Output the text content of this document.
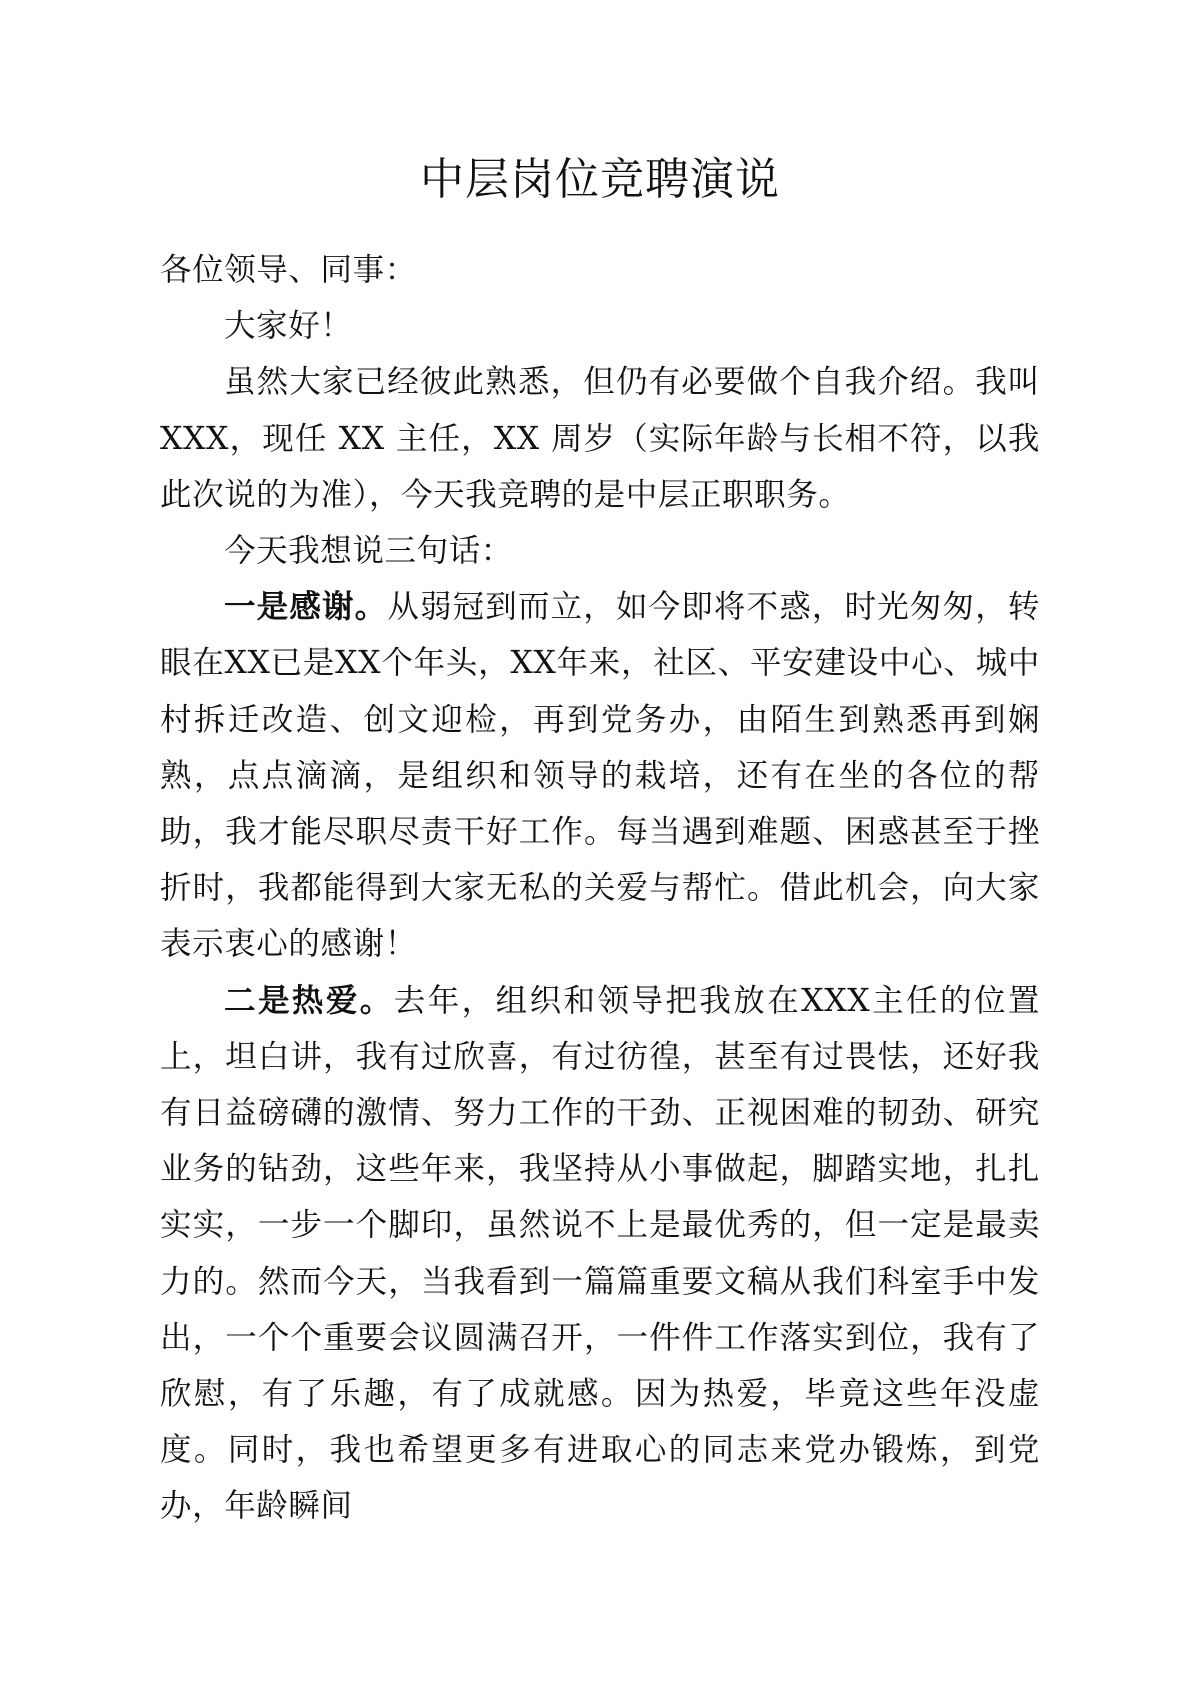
中层岗位竞聘演说

各位领导、同事：

大家好！

虽然大家已经彼此熟悉，但仍有必要做个自我介绍。我叫XXX，现任 XX 主任，XX 周岁（实际年龄与长相不符，以我此次说的为准），今天我竞聘的是中层正职职务。

今天我想说三句话：

一是感谢。从弱冠到而立，如今即将不惑，时光匆匆，转眼在XX已是XX个年头，XX年来，社区、平安建设中心、城中村拆迁改造、创文迎检，再到党务办，由陌生到熟悉再到娴熟，点点滴滴，是组织和领导的栽培，还有在坐的各位的帮助，我才能尽职尽责干好工作。每当遇到难题、困惑甚至于挫折时，我都能得到大家无私的关爱与帮忙。借此机会，向大家表示衷心的感谢！

二是热爱。去年，组织和领导把我放在XXX主任的位置上，坦白讲，我有过欣喜，有过彷徨，甚至有过畏怯，还好我有日益磅礴的激情、努力工作的干劲、正视困难的韧劲、研究业务的钻劲，这些年来，我坚持从小事做起，脚踏实地，扎扎实实，一步一个脚印，虽然说不上是最优秀的，但一定是最卖力的。然而今天，当我看到一篇篇重要文稿从我们科室手中发出，一个个重要会议圆满召开，一件件工作落实到位，我有了欣慰，有了乐趣，有了成就感。因为热爱，毕竟这些年没虚度。同时，我也希望更多有进取心的同志来党办锻炼，到党办，年龄瞬间
